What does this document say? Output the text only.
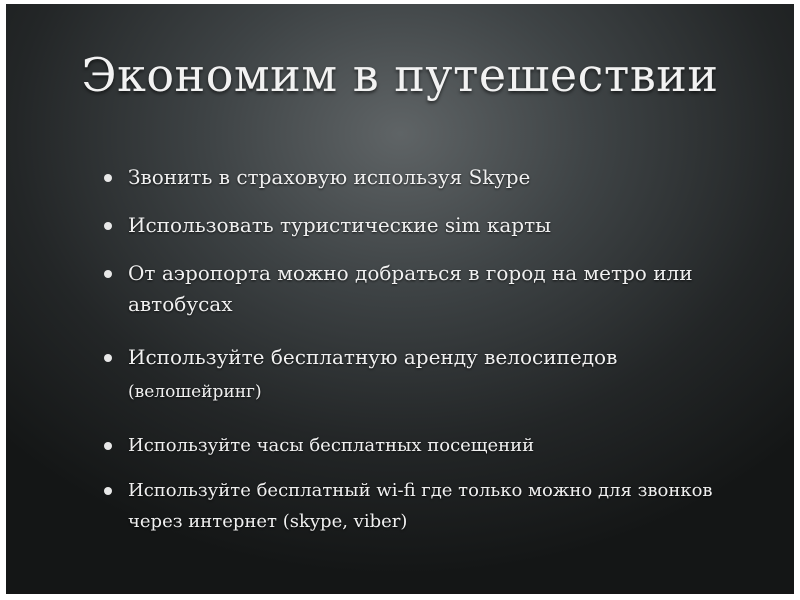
Экономим в путешествии
Звонить в страховую используя Skype
Использовать туристические sim карты
От аэропорта можно добраться в город на метро или автобусах
Используйте бесплатную аренду велосипедов
(велошейринг)
Используйте часы бесплатных посещений
Используйте бесплатный wi-fi где только можно для звонков через интернет (skype, viber)
